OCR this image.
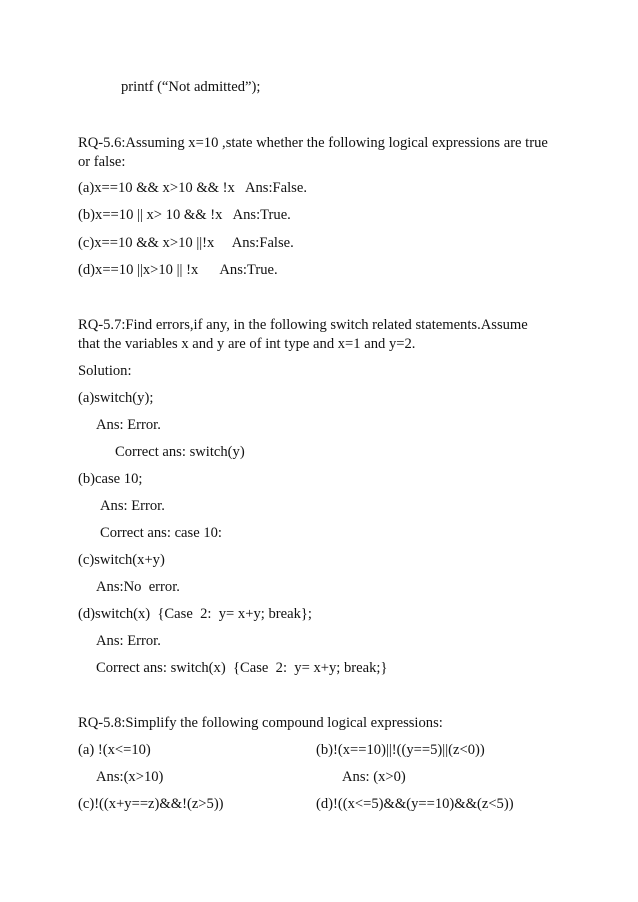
printf (“Not admitted”);
RQ-5.6:Assuming x=10 ,state whether the following logical expressions are true
or false:
(a)x==10 && x>10 && !x   Ans:False.
(b)x==10 || x> 10 && !x   Ans:True.
(c)x==10 && x>10 ||!x     Ans:False.
(d)x==10 ||x>10 || !x      Ans:True.
RQ-5.7:Find errors,if any, in the following switch related statements.Assume
that the variables x and y are of int type and x=1 and y=2.
Solution:
(a)switch(y);
Ans: Error.
Correct ans: switch(y)
(b)case 10;
Ans: Error.
Correct ans: case 10:
(c)switch(x+y)
Ans:No  error.
(d)switch(x)  {Case  2:  y= x+y; break};
Ans: Error.
Correct ans: switch(x)  {Case  2:  y= x+y; break;}
RQ-5.8:Simplify the following compound logical expressions:
(a) !(x<=10)	(b)!(x==10)||!((y==5)||(z<0))
Ans:(x>10)	Ans: (x>0)
(c)!((x+y==z)&&!(z>5))	(d)!((x<=5)&&(y==10)&&(z<5))
